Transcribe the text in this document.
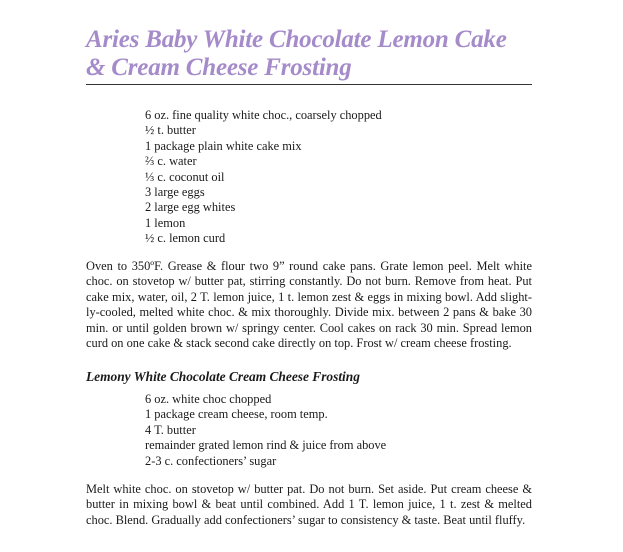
Aries Baby White Chocolate Lemon Cake
& Cream Cheese Frosting
6 oz. fine quality white choc., coarsely chopped
½ t. butter
1 package plain white cake mix
⅔ c. water
⅓ c. coconut oil
3 large eggs
2 large egg whites
1 lemon
½ c. lemon curd

Oven to 350ºF. Grease & flour two 9” round cake pans. Grate lemon peel. Melt white choc. on stovetop w/ butter pat, stirring constantly. Do not burn. Remove from heat. Put cake mix, water, oil, 2 T. lemon juice, 1 t. lemon zest & eggs in mixing bowl. Add slightly-cooled, melted white choc. & mix thoroughly. Divide mix. between 2 pans & bake 30 min. or until golden brown w/ springy center. Cool cakes on rack 30 min. Spread lemon curd on one cake & stack second cake directly on top. Frost w/ cream cheese frosting.

Lemony White Chocolate Cream Cheese Frosting
6 oz. white choc chopped
1 package cream cheese, room temp.
4 T. butter
remainder grated lemon rind & juice from above
2-3 c. confectioners’ sugar

Melt white choc. on stovetop w/ butter pat. Do not burn. Set aside. Put cream cheese & butter in mixing bowl & beat until combined. Add 1 T. lemon juice, 1 t. zest & melted choc. Blend. Gradually add confectioners’ sugar to consistency & taste. Beat until fluffy.
